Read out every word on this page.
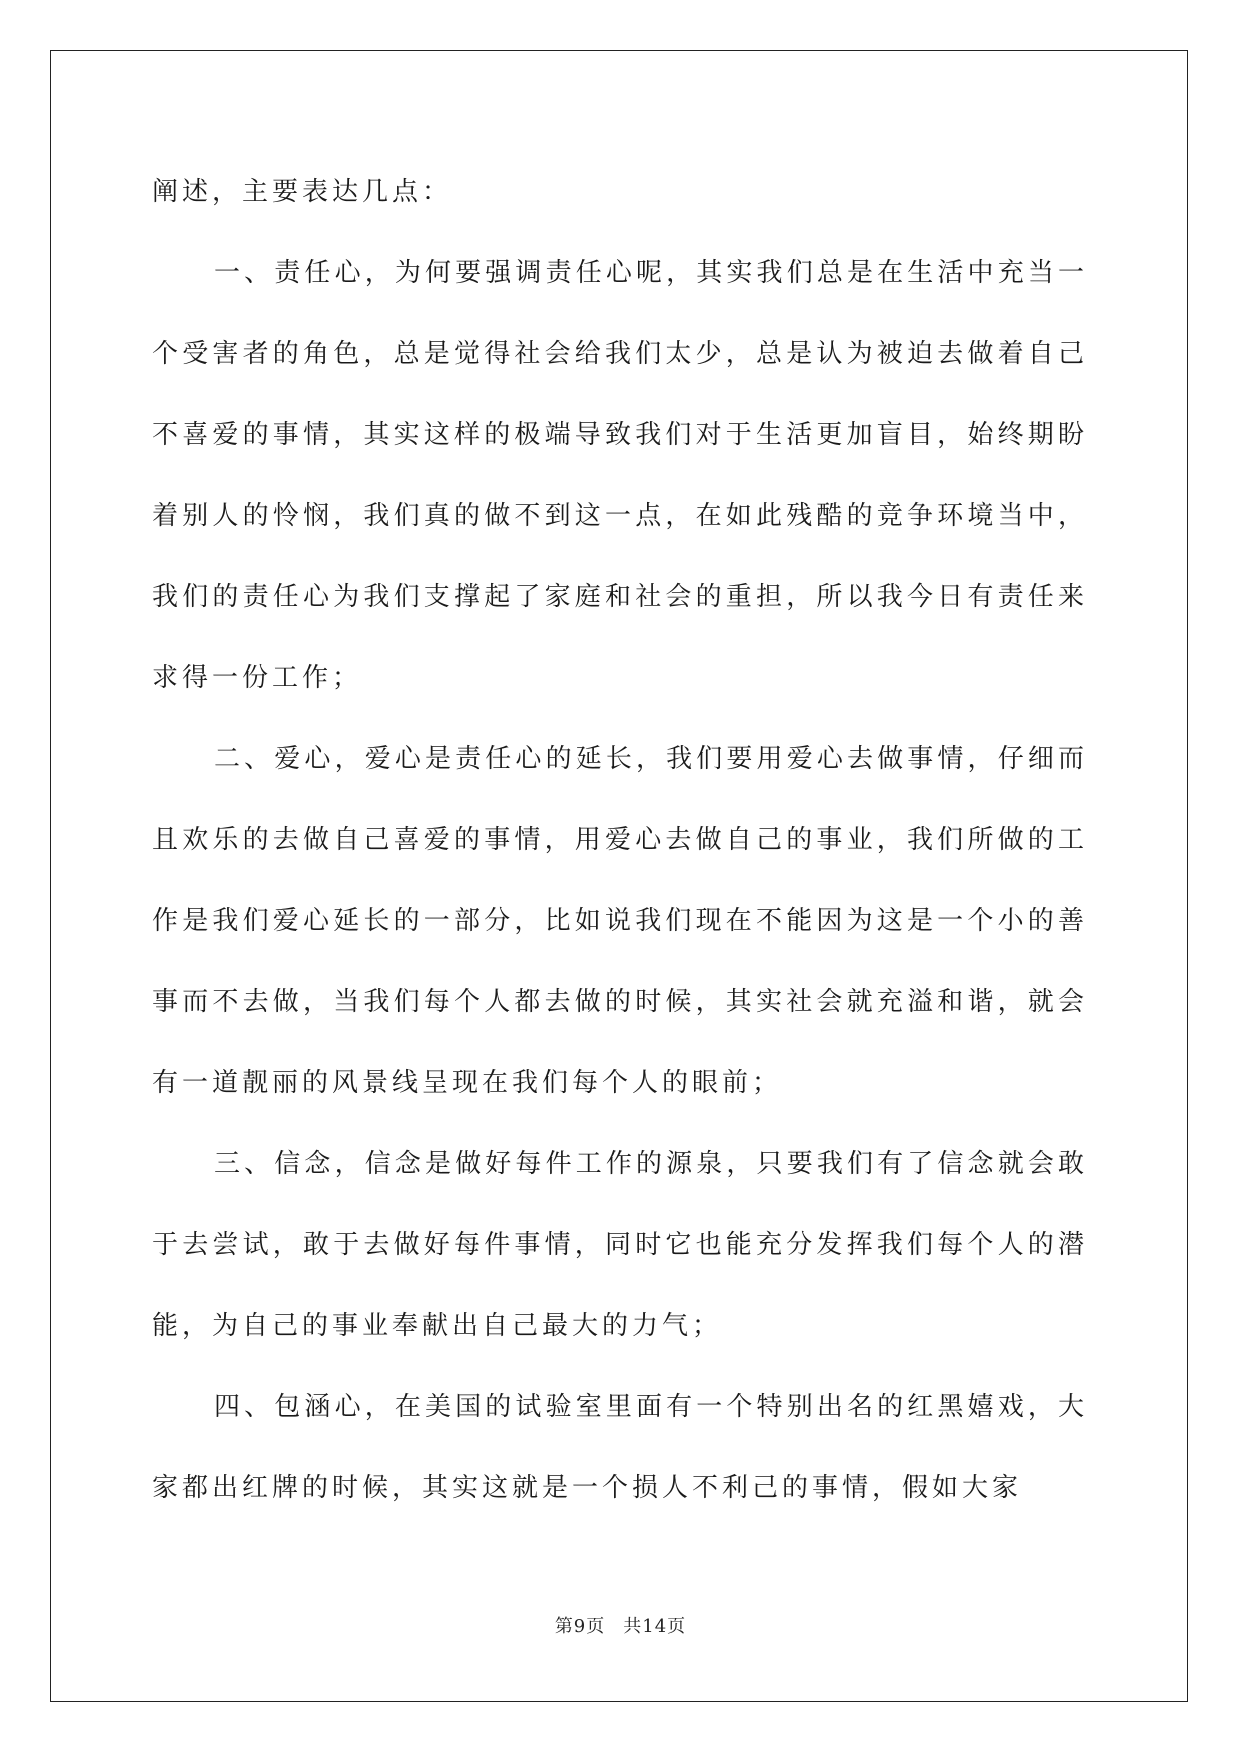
阐述，主要表达几点：

一、责任心，为何要强调责任心呢，其实我们总是在生活中充当一个受害者的角色，总是觉得社会给我们太少，总是认为被迫去做着自己不喜爱的事情，其实这样的极端导致我们对于生活更加盲目，始终期盼着别人的怜悯，我们真的做不到这一点，在如此残酷的竞争环境当中，我们的责任心为我们支撑起了家庭和社会的重担，所以我今日有责任来求得一份工作；

二、爱心，爱心是责任心的延长，我们要用爱心去做事情，仔细而且欢乐的去做自己喜爱的事情，用爱心去做自己的事业，我们所做的工作是我们爱心延长的一部分，比如说我们现在不能因为这是一个小的善事而不去做，当我们每个人都去做的时候，其实社会就充溢和谐，就会有一道靓丽的风景线呈现在我们每个人的眼前；

三、信念，信念是做好每件工作的源泉，只要我们有了信念就会敢于去尝试，敢于去做好每件事情，同时它也能充分发挥我们每个人的潜能，为自己的事业奉献出自己最大的力气；

四、包涵心，在美国的试验室里面有一个特别出名的红黑嬉戏，大家都出红牌的时候，其实这就是一个损人不利己的事情，假如大家

第9页 共14页
